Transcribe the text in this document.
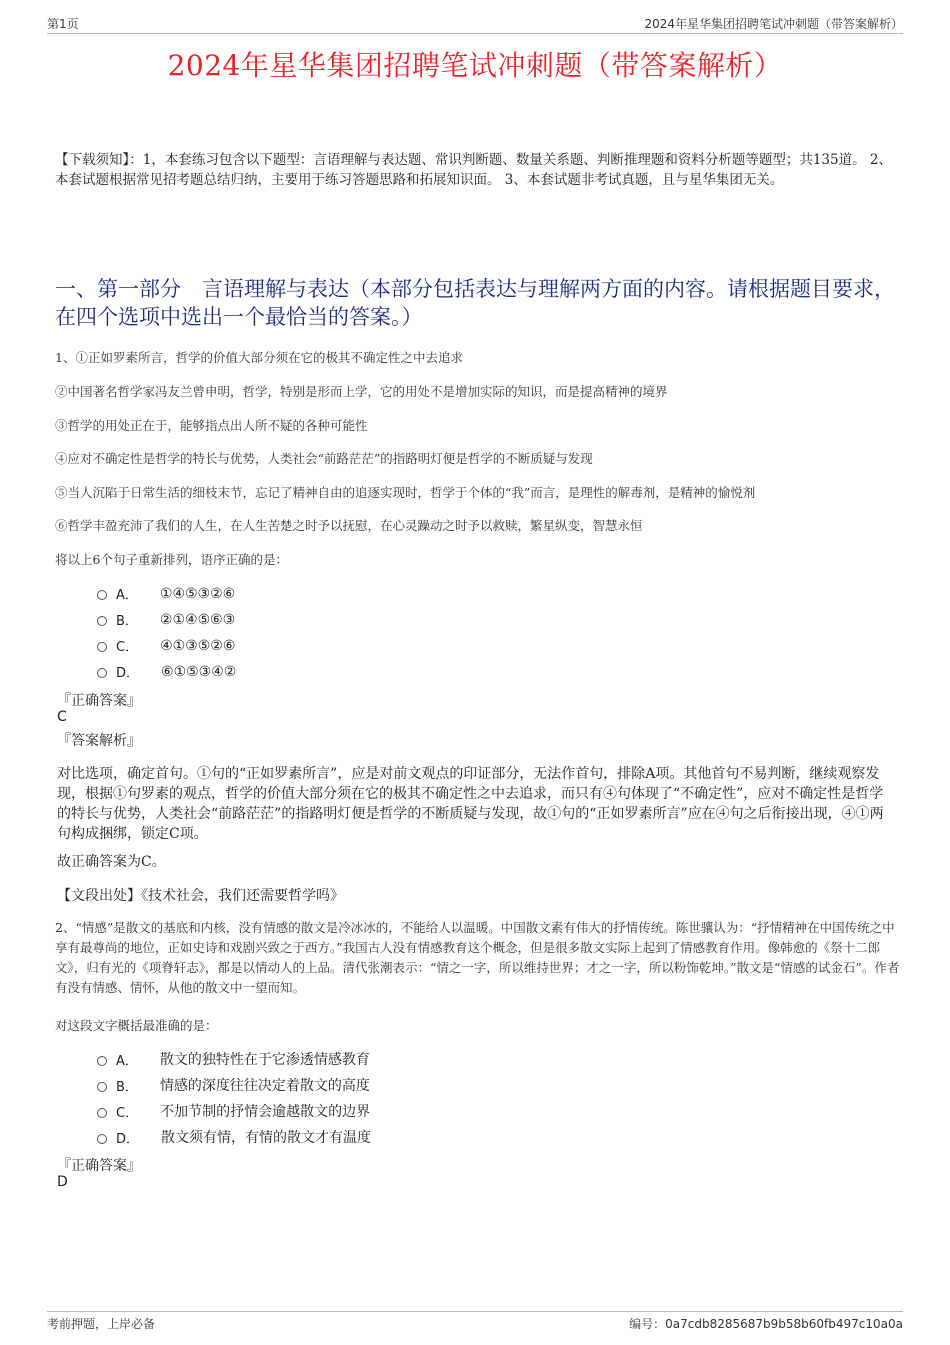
第1页	2024年星华集团招聘笔试冲刺题（带答案解析）
2024年星华集团招聘笔试冲刺题（带答案解析）
【下载须知】：1，本套练习包含以下题型：言语理解与表达题、常识判断题、数量关系题、判断推理题和资料分析题等题型；共135道。 2、本套试题根据常见招考题总结归纳，主要用于练习答题思路和拓展知识面。 3、本套试题非考试真题，且与星华集团无关。
一、第一部分　言语理解与表达（本部分包括表达与理解两方面的内容。请根据题目要求，在四个选项中选出一个最恰当的答案。）
1、①正如罗素所言，哲学的价值大部分须在它的极其不确定性之中去追求
②中国著名哲学家冯友兰曾申明，哲学，特别是形而上学，它的用处不是增加实际的知识，而是提高精神的境界
③哲学的用处正在于，能够指点出人所不疑的各种可能性
④应对不确定性是哲学的特长与优势，人类社会“前路茫茫”的指路明灯便是哲学的不断质疑与发现
⑤当人沉陷于日常生活的细枝末节，忘记了精神自由的追逐实现时，哲学于个体的“我”而言，是理性的解毒剂，是精神的愉悦剂
⑥哲学丰盈充沛了我们的人生，在人生苦楚之时予以抚慰，在心灵躁动之时予以救赎，繁星纵变，智慧永恒
将以上6个句子重新排列，语序正确的是：
A． ①④⑤③②⑥
B． ②①④⑤⑥③
C． ④①③⑤②⑥
D． ⑥①⑤③④②
『正确答案』
C
『答案解析』
对比选项，确定首句。①句的“正如罗素所言”，应是对前文观点的印证部分，无法作首句，排除A项。其他首句不易判断，继续观察发现，根据①句罗素的观点，哲学的价值大部分须在它的极其不确定性之中去追求，而只有④句体现了“不确定性”，应对不确定性是哲学的特长与优势，人类社会“前路茫茫”的指路明灯便是哲学的不断质疑与发现，故①句的“正如罗素所言”应在④句之后衔接出现，④①两句构成捆绑，锁定C项。
故正确答案为C。
【文段出处】《技术社会，我们还需要哲学吗》
2、“情感”是散文的基底和内核，没有情感的散文是冷冰冰的，不能给人以温暖。中国散文素有伟大的抒情传统。陈世骧认为：“抒情精神在中国传统之中享有最尊尚的地位，正如史诗和戏剧兴致之于西方。”我国古人没有情感教育这个概念，但是很多散文实际上起到了情感教育作用。像韩愈的《祭十二郎文》，归有光的《项脊轩志》，都是以情动人的上品。清代张潮表示：“情之一字，所以维持世界；才之一字，所以粉饰乾坤。”散文是“情感的试金石”。作者有没有情感、情怀，从他的散文中一望而知。
对这段文字概括最准确的是：
A． 散文的独特性在于它渗透情感教育
B． 情感的深度往往决定着散文的高度
C． 不加节制的抒情会逾越散文的边界
D． 散文须有情，有情的散文才有温度
『正确答案』
D
考前押题，上岸必备	编号：0a7cdb8285687b9b58b60fb497c10a0a
